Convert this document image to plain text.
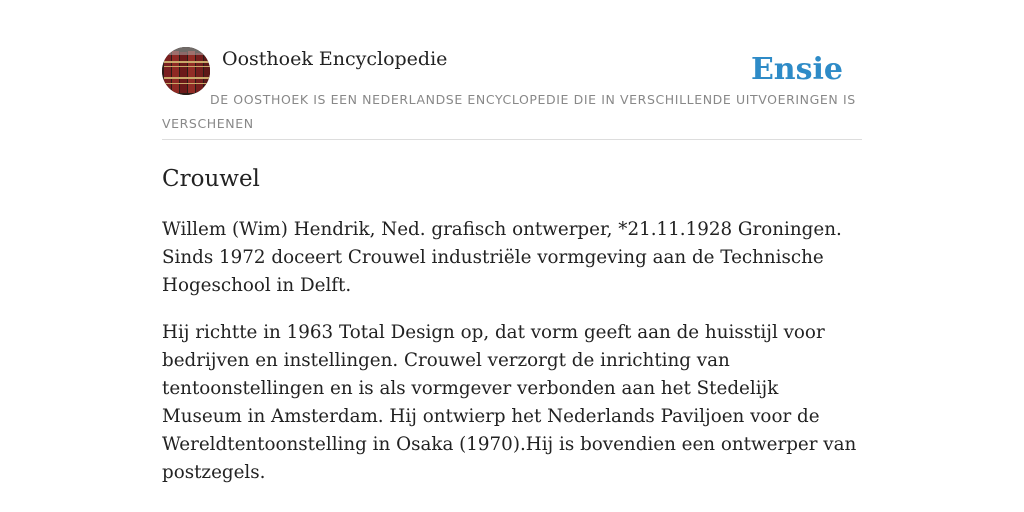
Oosthoek Encyclopedie	Ensie
DE OOSTHOEK IS EEN NEDERLANDSE ENCYCLOPEDIE DIE IN VERSCHILLENDE UITVOERINGEN IS VERSCHENEN
Crouwel

Willem (Wim) Hendrik, Ned. grafisch ontwerper, *21.11.1928 Groningen. Sinds 1972 doceert Crouwel industriële vormgeving aan de Technische Hogeschool in Delft.

Hij richtte in 1963 Total Design op, dat vorm geeft aan de huisstijl voor bedrijven en instellingen. Crouwel verzorgt de inrichting van tentoonstellingen en is als vormgever verbonden aan het Stedelijk Museum in Amsterdam. Hij ontwierp het Nederlands Paviljoen voor de Wereldtentoonstelling in Osaka (1970).Hij is bovendien een ontwerper van postzegels.
